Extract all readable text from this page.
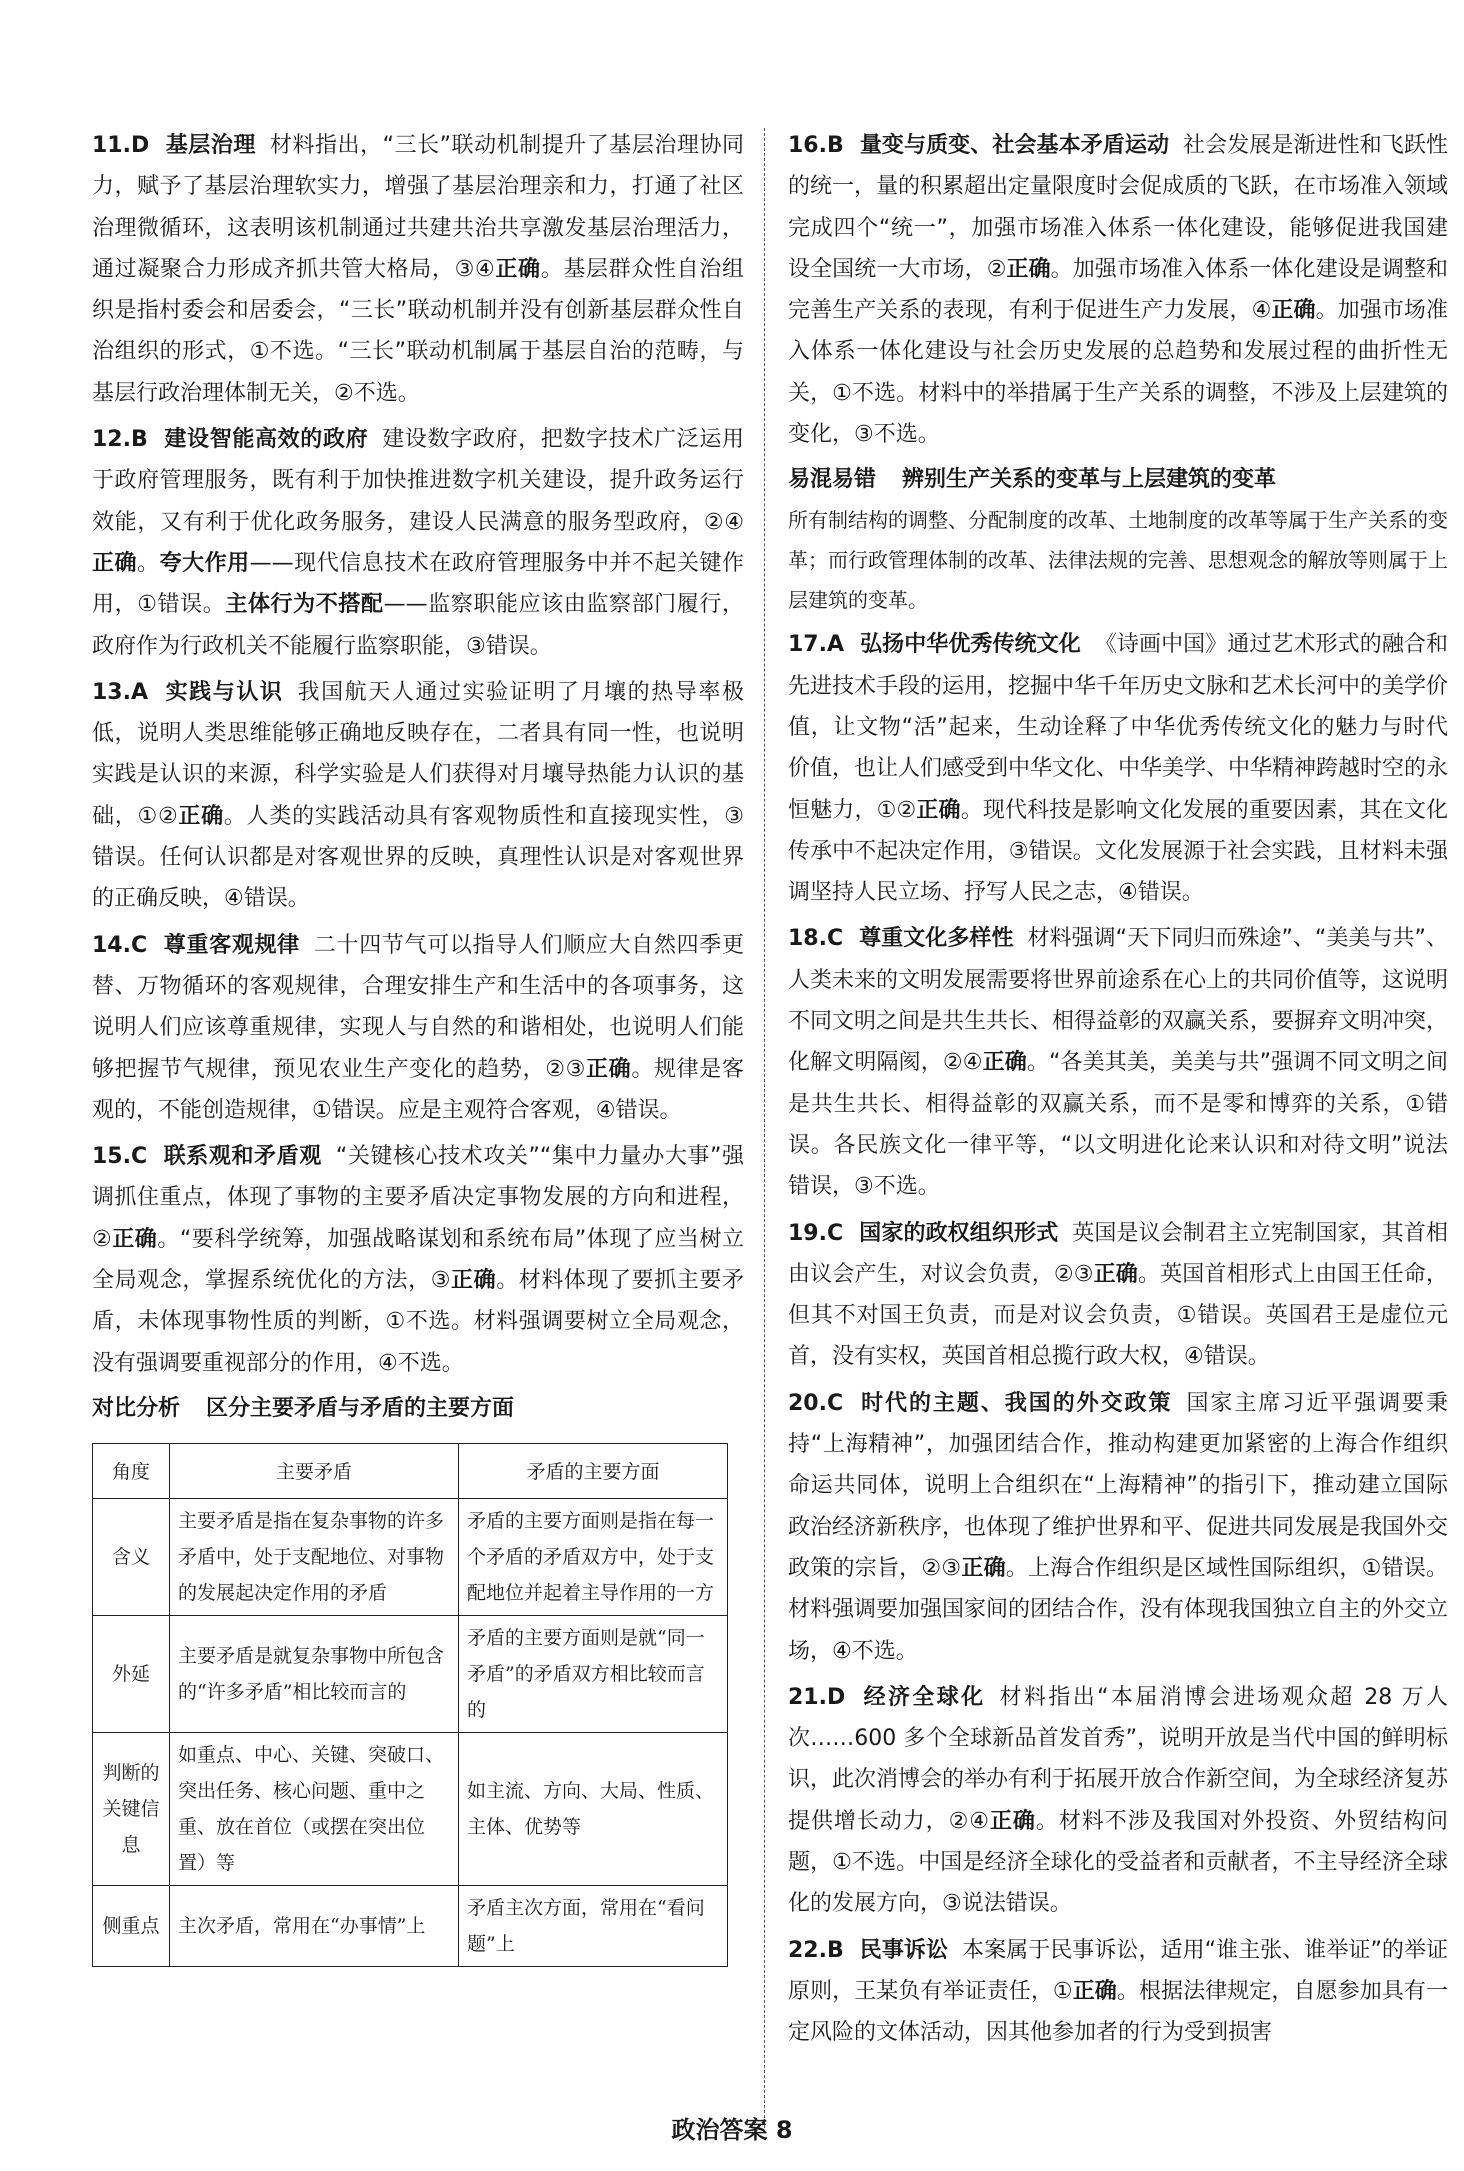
11.D 基层治理 材料指出，“三长”联动机制提升了基层治理协同力，赋予了基层治理软实力，增强了基层治理亲和力，打通了社区治理微循环，这表明该机制通过共建共治共享激发基层治理活力，通过凝聚合力形成齐抓共管大格局，③④正确。基层群众性自治组织是指村委会和居委会，“三长”联动机制并没有创新基层群众性自治组织的形式，①不选。“三长”联动机制属于基层自治的范畴，与基层行政治理体制无关，②不选。

12.B 建设智能高效的政府 建设数字政府，把数字技术广泛运用于政府管理服务，既有利于加快推进数字机关建设，提升政务运行效能，又有利于优化政务服务，建设人民满意的服务型政府，②④正确。夸大作用——现代信息技术在政府管理服务中并不起关键作用，①错误。主体行为不搭配——监察职能应该由监察部门履行，政府作为行政机关不能履行监察职能，③错误。

13.A 实践与认识 我国航天人通过实验证明了月壤的热导率极低，说明人类思维能够正确地反映存在，二者具有同一性，也说明实践是认识的来源，科学实验是人们获得对月壤导热能力认识的基础，①②正确。人类的实践活动具有客观物质性和直接现实性，③错误。任何认识都是对客观世界的反映，真理性认识是对客观世界的正确反映，④错误。

14.C 尊重客观规律 二十四节气可以指导人们顺应大自然四季更替、万物循环的客观规律，合理安排生产和生活中的各项事务，这说明人们应该尊重规律，实现人与自然的和谐相处，也说明人们能够把握节气规律，预见农业生产变化的趋势，②③正确。规律是客观的，不能创造规律，①错误。应是主观符合客观，④错误。

15.C 联系观和矛盾观 “关键核心技术攻关”“集中力量办大事”强调抓住重点，体现了事物的主要矛盾决定事物发展的方向和进程，②正确。“要科学统筹，加强战略谋划和系统布局”体现了应当树立全局观念，掌握系统优化的方法，③正确。材料体现了要抓主要矛盾，未体现事物性质的判断，①不选。材料强调要树立全局观念，没有强调要重视部分的作用，④不选。

对比分析 区分主要矛盾与矛盾的主要方面

角度	主要矛盾	矛盾的主要方面
含义	主要矛盾是指在复杂事物的许多矛盾中，处于支配地位、对事物的发展起决定作用的矛盾	矛盾的主要方面则是指在每一个矛盾的矛盾双方中，处于支配地位并起着主导作用的一方
外延	主要矛盾是就复杂事物中所包含的“许多矛盾”相比较而言的	矛盾的主要方面则是就“同一矛盾”的矛盾双方相比较而言的
判断的关键信息	如重点、中心、关键、突破口、突出任务、核心问题、重中之重、放在首位（或摆在突出位置）等	如主流、方向、大局、性质、主体、优势等
侧重点	主次矛盾，常用在“办事情”上	矛盾主次方面，常用在“看问题”上

16.B 量变与质变、社会基本矛盾运动 社会发展是渐进性和飞跃性的统一，量的积累超出定量限度时会促成质的飞跃，在市场准入领域完成四个“统一”，加强市场准入体系一体化建设，能够促进我国建设全国统一大市场，②正确。加强市场准入体系一体化建设是调整和完善生产关系的表现，有利于促进生产力发展，④正确。加强市场准入体系一体化建设与社会历史发展的总趋势和发展过程的曲折性无关，①不选。材料中的举措属于生产关系的调整，不涉及上层建筑的变化，③不选。

易混易错 辨别生产关系的变革与上层建筑的变革

所有制结构的调整、分配制度的改革、土地制度的改革等属于生产关系的变革；而行政管理体制的改革、法律法规的完善、思想观念的解放等则属于上层建筑的变革。

17.A 弘扬中华优秀传统文化 《诗画中国》通过艺术形式的融合和先进技术手段的运用，挖掘中华千年历史文脉和艺术长河中的美学价值，让文物“活”起来，生动诠释了中华优秀传统文化的魅力与时代价值，也让人们感受到中华文化、中华美学、中华精神跨越时空的永恒魅力，①②正确。现代科技是影响文化发展的重要因素，其在文化传承中不起决定作用，③错误。文化发展源于社会实践，且材料未强调坚持人民立场、抒写人民之志，④错误。

18.C 尊重文化多样性 材料强调“天下同归而殊途”、“美美与共”、人类未来的文明发展需要将世界前途系在心上的共同价值等，这说明不同文明之间是共生共长、相得益彰的双赢关系，要摒弃文明冲突，化解文明隔阂，②④正确。“各美其美，美美与共”强调不同文明之间是共生共长、相得益彰的双赢关系，而不是零和博弈的关系，①错误。各民族文化一律平等，“以文明进化论来认识和对待文明”说法错误，③不选。

19.C 国家的政权组织形式 英国是议会制君主立宪制国家，其首相由议会产生，对议会负责，②③正确。英国首相形式上由国王任命，但其不对国王负责，而是对议会负责，①错误。英国君王是虚位元首，没有实权，英国首相总揽行政大权，④错误。

20.C 时代的主题、我国的外交政策 国家主席习近平强调要秉持“上海精神”，加强团结合作，推动构建更加紧密的上海合作组织命运共同体，说明上合组织在“上海精神”的指引下，推动建立国际政治经济新秩序，也体现了维护世界和平、促进共同发展是我国外交政策的宗旨，②③正确。上海合作组织是区域性国际组织，①错误。材料强调要加强国家间的团结合作，没有体现我国独立自主的外交立场，④不选。

21.D 经济全球化 材料指出“本届消博会进场观众超 28 万人次……600 多个全球新品首发首秀”，说明开放是当代中国的鲜明标识，此次消博会的举办有利于拓展开放合作新空间，为全球经济复苏提供增长动力，②④正确。材料不涉及我国对外投资、外贸结构问题，①不选。中国是经济全球化的受益者和贡献者，不主导经济全球化的发展方向，③说法错误。

22.B 民事诉讼 本案属于民事诉讼，适用“谁主张、谁举证”的举证原则，王某负有举证责任，①正确。根据法律规定，自愿参加具有一定风险的文体活动，因其他参加者的行为受到损害

政治答案 8
